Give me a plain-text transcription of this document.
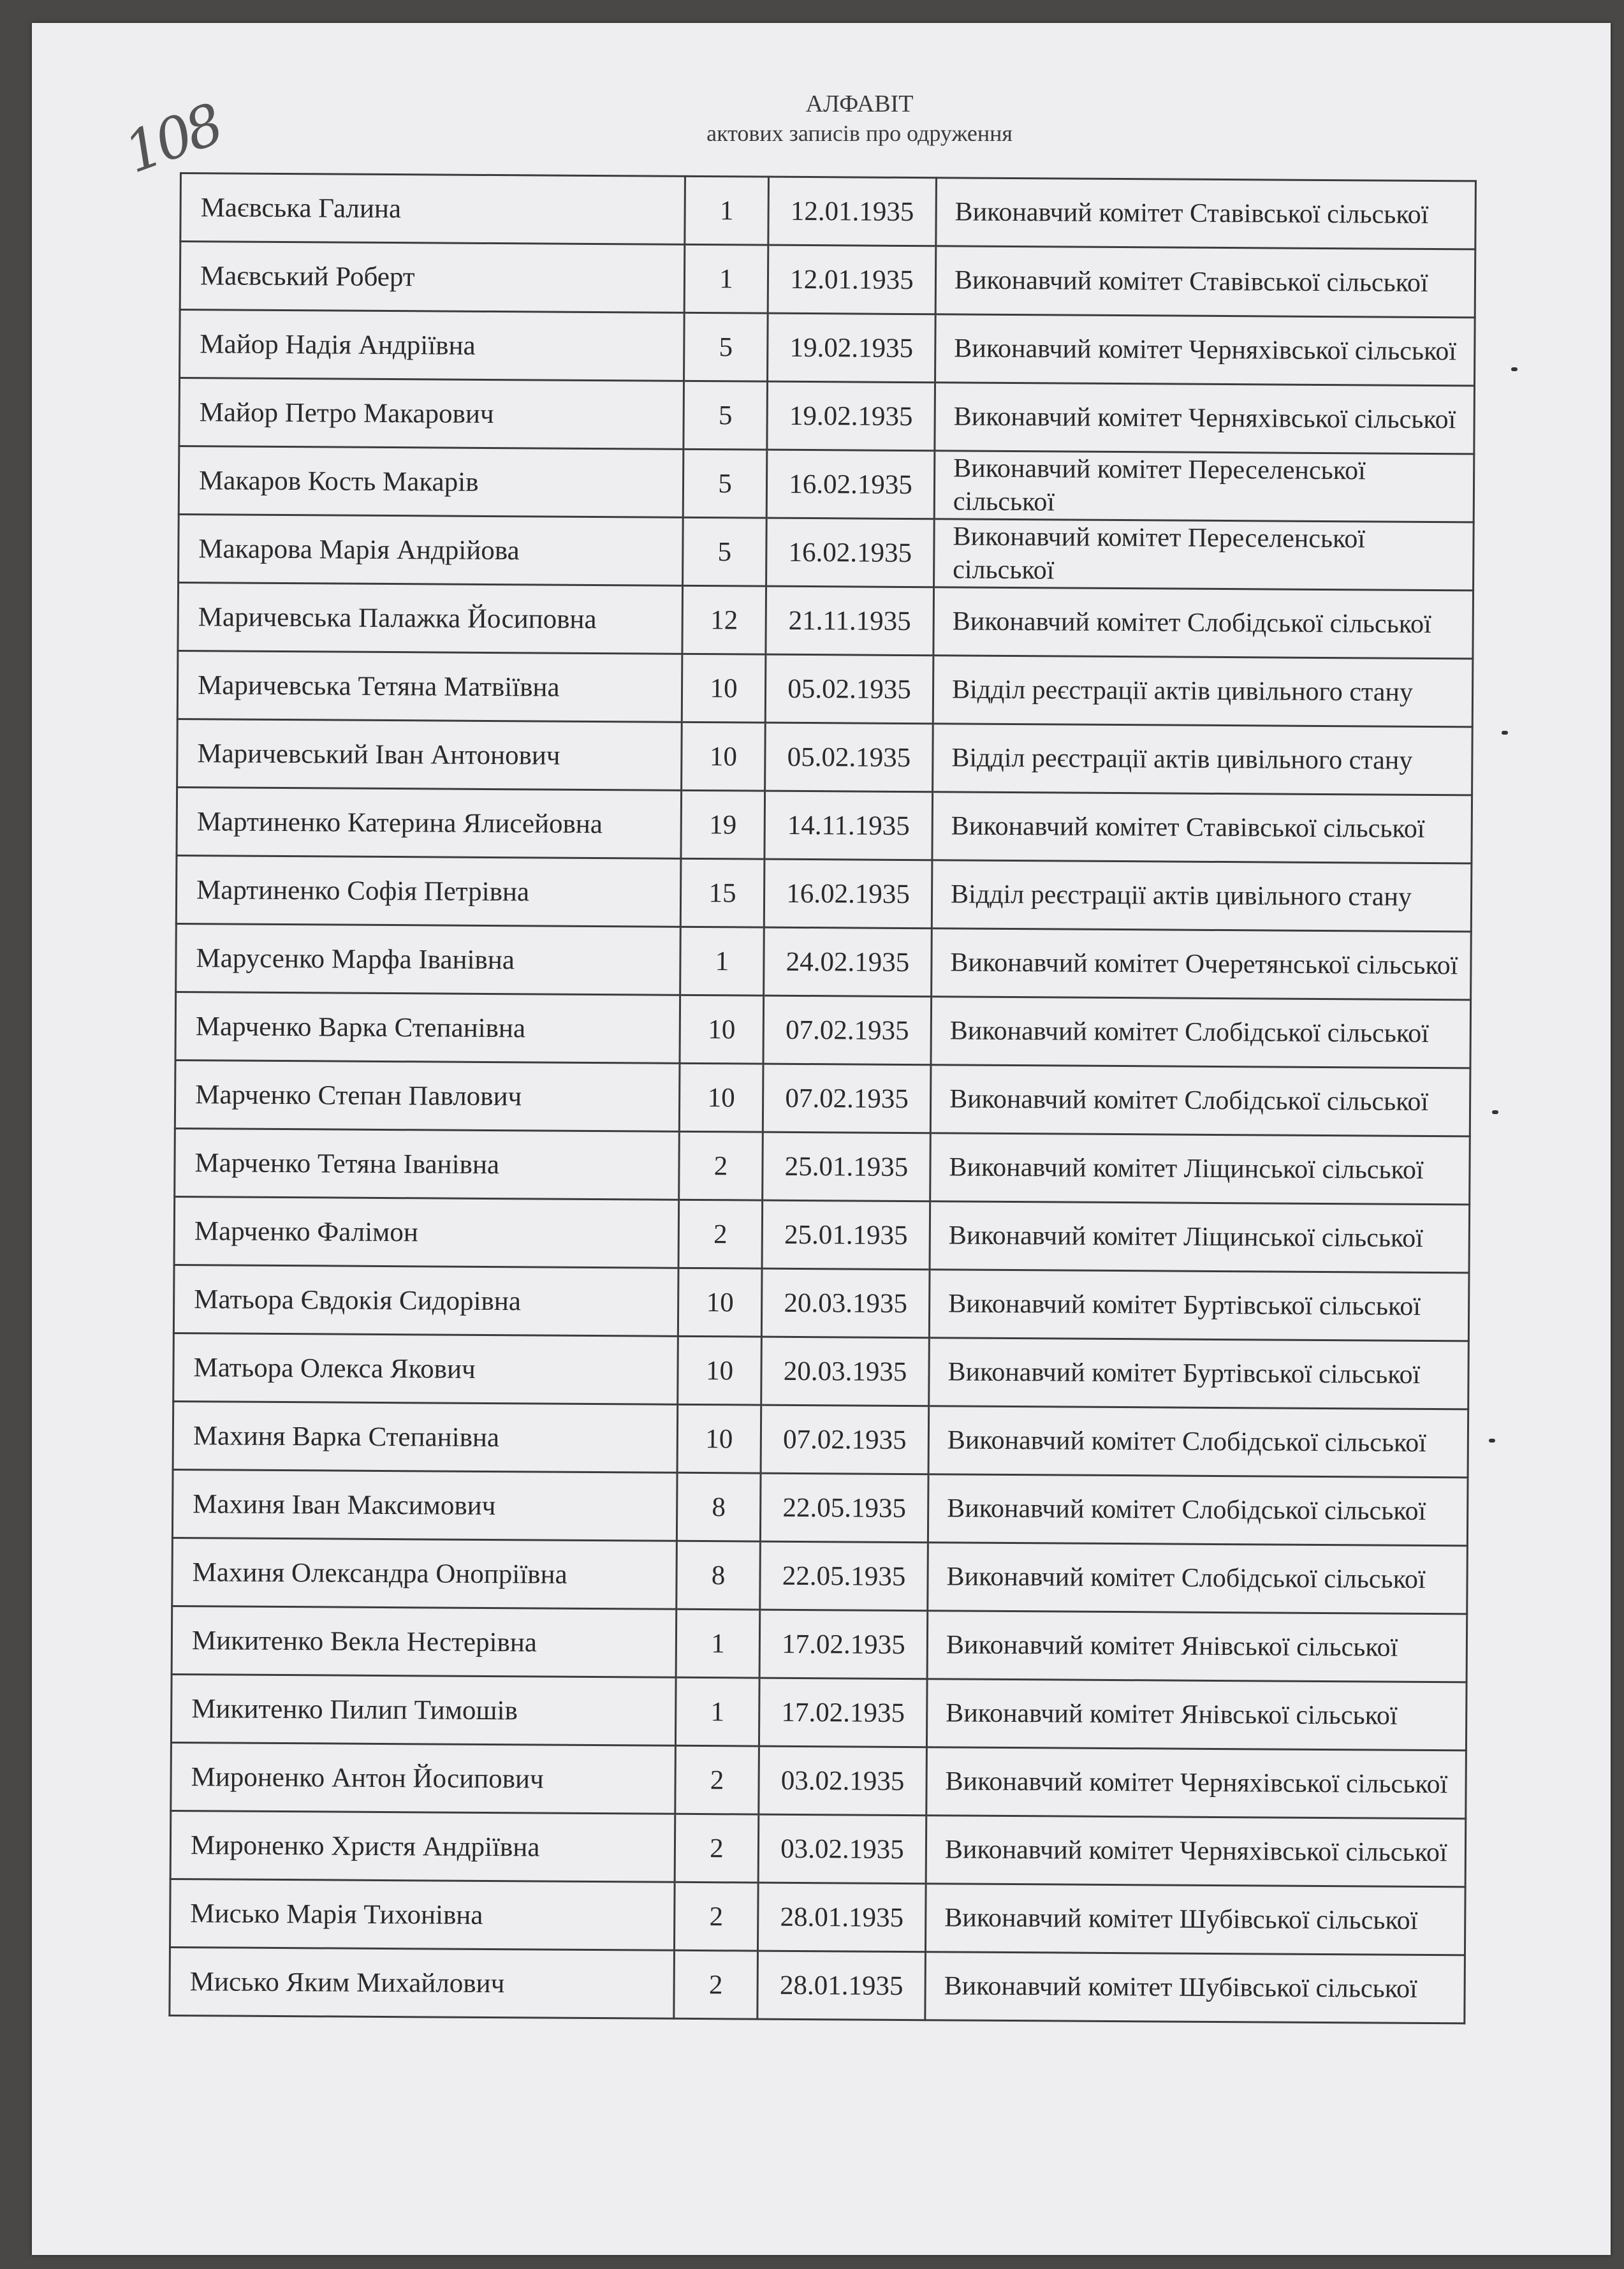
108	АЛФАВІТ
актових записів про одруження
Маєвська Галина	1	12.01.1935	Виконавчий комітет Ставівської сільської
Маєвський Роберт	1	12.01.1935	Виконавчий комітет Ставівської сільської
Майор Надія Андріївна	5	19.02.1935	Виконавчий комітет Черняхівської сільської
Майор Петро Макарович	5	19.02.1935	Виконавчий комітет Черняхівської сільської
Макаров Кость Макарів	5	16.02.1935	Виконавчий комітет Переселенської сільської
Макарова Марія Андрійова	5	16.02.1935	Виконавчий комітет Переселенської сільської
Маричевська Палажка Йосиповна	12	21.11.1935	Виконавчий комітет Слобідської сільської
Маричевська Тетяна Матвіївна	10	05.02.1935	Відділ реєстрації актів цивільного стану
Маричевський Іван Антонович	10	05.02.1935	Відділ реєстрації актів цивільного стану
Мартиненко Катерина Ялисейовна	19	14.11.1935	Виконавчий комітет Ставівської сільської
Мартиненко Софія Петрівна	15	16.02.1935	Відділ реєстрації актів цивільного стану
Марусенко Марфа Іванівна	1	24.02.1935	Виконавчий комітет Очеретянської сільської
Марченко Варка Степанівна	10	07.02.1935	Виконавчий комітет Слобідської сільської
Марченко Степан Павлович	10	07.02.1935	Виконавчий комітет Слобідської сільської
Марченко Тетяна Іванівна	2	25.01.1935	Виконавчий комітет Ліщинської сільської
Марченко Фалімон	2	25.01.1935	Виконавчий комітет Ліщинської сільської
Матьора Євдокія Сидорівна	10	20.03.1935	Виконавчий комітет Буртівської сільської
Матьора Олекса Якович	10	20.03.1935	Виконавчий комітет Буртівської сільської
Махиня Варка Степанівна	10	07.02.1935	Виконавчий комітет Слобідської сільської
Махиня Іван Максимович	8	22.05.1935	Виконавчий комітет Слобідської сільської
Махиня Олександра Онопріївна	8	22.05.1935	Виконавчий комітет Слобідської сільської
Микитенко Векла Нестерівна	1	17.02.1935	Виконавчий комітет Янівської сільської
Микитенко Пилип Тимошів	1	17.02.1935	Виконавчий комітет Янівської сільської
Мироненко Антон Йосипович	2	03.02.1935	Виконавчий комітет Черняхівської сільської
Мироненко Христя Андріївна	2	03.02.1935	Виконавчий комітет Черняхівської сільської
Мисько Марія Тихонівна	2	28.01.1935	Виконавчий комітет Шубівської сільської
Мисько Яким Михайлович	2	28.01.1935	Виконавчий комітет Шубівської сільської
